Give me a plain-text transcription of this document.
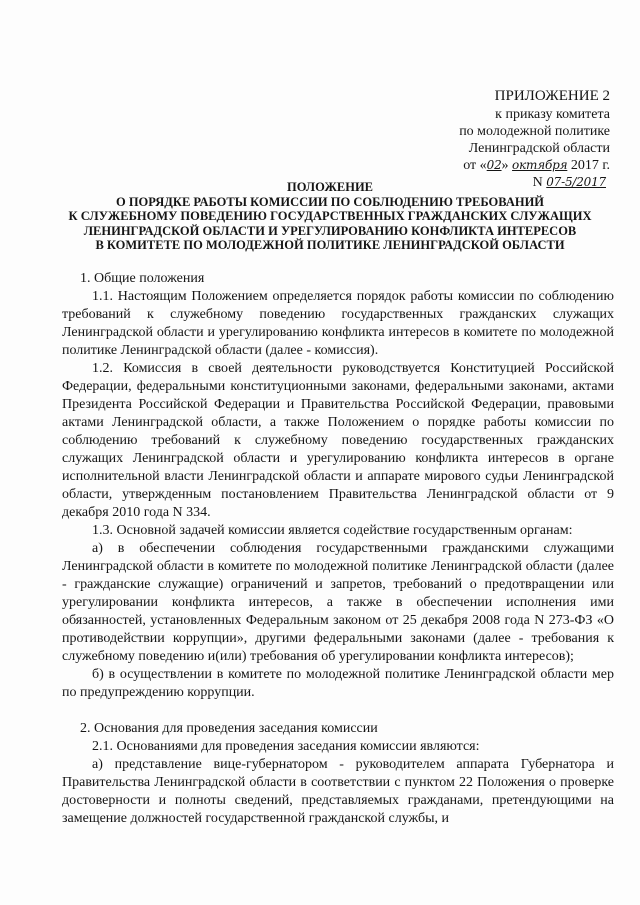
ПРИЛОЖЕНИЕ 2
к приказу комитета
по молодежной политике
Ленинградской области
от «02» октября 2017 г.
N 07-5/2017
ПОЛОЖЕНИЕ
О ПОРЯДКЕ РАБОТЫ КОМИССИИ ПО СОБЛЮДЕНИЮ ТРЕБОВАНИЙ
К СЛУЖЕБНОМУ ПОВЕДЕНИЮ ГОСУДАРСТВЕННЫХ ГРАЖДАНСКИХ СЛУЖАЩИХ
ЛЕНИНГРАДСКОЙ ОБЛАСТИ И УРЕГУЛИРОВАНИЮ КОНФЛИКТА ИНТЕРЕСОВ
В КОМИТЕТЕ ПО МОЛОДЕЖНОЙ ПОЛИТИКЕ ЛЕНИНГРАДСКОЙ ОБЛАСТИ

1. Общие положения

1.1. Настоящим Положением определяется порядок работы комиссии по соблюдению требований к служебному поведению государственных гражданских служащих Ленинградской области и урегулированию конфликта интересов в комитете по молодежной политике Ленинградской области (далее - комиссия).

1.2. Комиссия в своей деятельности руководствуется Конституцией Российской Федерации, федеральными конституционными законами, федеральными законами, актами Президента Российской Федерации и Правительства Российской Федерации, правовыми актами Ленинградской области, а также Положением о порядке работы комиссии по соблюдению требований к служебному поведению государственных гражданских служащих Ленинградской области и урегулированию конфликта интересов в органе исполнительной власти Ленинградской области и аппарате мирового судьи Ленинградской области, утвержденным постановлением Правительства Ленинградской области от 9 декабря 2010 года N 334.

1.3. Основной задачей комиссии является содействие государственным органам:

а) в обеспечении соблюдения государственными гражданскими служащими Ленинградской области в комитете по молодежной политике Ленинградской области (далее - гражданские служащие) ограничений и запретов, требований о предотвращении или урегулировании конфликта интересов, а также в обеспечении исполнения ими обязанностей, установленных Федеральным законом от 25 декабря 2008 года N 273-ФЗ «О противодействии коррупции», другими федеральными законами (далее - требования к служебному поведению и(или) требования об урегулировании конфликта интересов);

б) в осуществлении в комитете по молодежной политике Ленинградской области мер по предупреждению коррупции.

2. Основания для проведения заседания комиссии

2.1. Основаниями для проведения заседания комиссии являются:

а) представление вице-губернатором - руководителем аппарата Губернатора и Правительства Ленинградской области в соответствии с пунктом 22 Положения о проверке достоверности и полноты сведений, представляемых гражданами, претендующими на замещение должностей государственной гражданской службы, и
